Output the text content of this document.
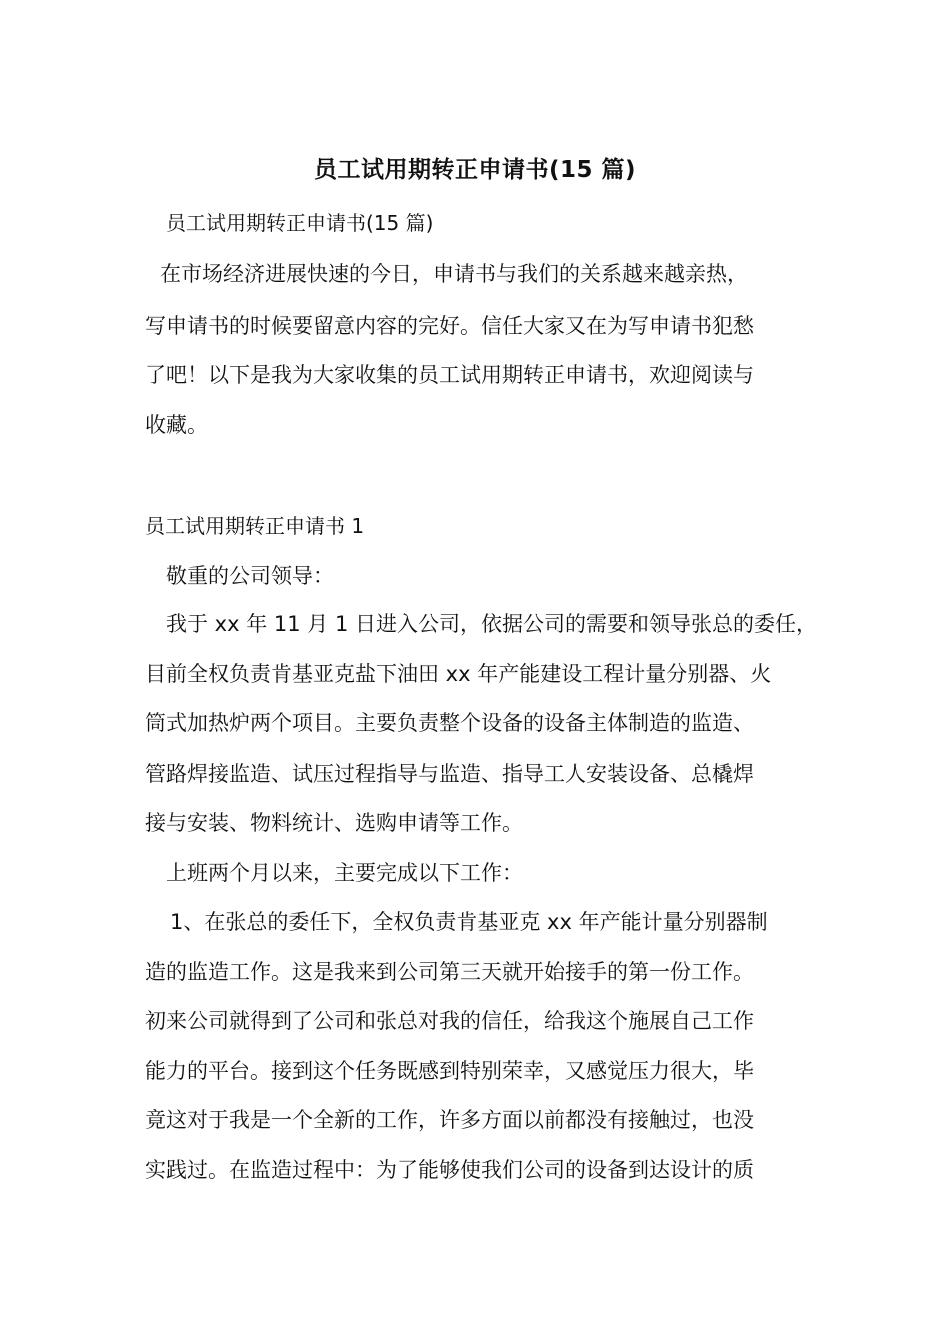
员工试用期转正申请书(15 篇)
员工试用期转正申请书(15 篇)
在市场经济进展快速的今日，申请书与我们的关系越来越亲热，
写申请书的时候要留意内容的完好。信任大家又在为写申请书犯愁
了吧！以下是我为大家收集的员工试用期转正申请书，欢迎阅读与
收藏。
员工试用期转正申请书 1
敬重的公司领导：
我于 xx 年 11 月 1 日进入公司，依据公司的需要和领导张总的委任，
目前全权负责肯基亚克盐下油田 xx 年产能建设工程计量分别器、火
筒式加热炉两个项目。主要负责整个设备的设备主体制造的监造、
管路焊接监造、试压过程指导与监造、指导工人安装设备、总橇焊
接与安装、物料统计、选购申请等工作。
上班两个月以来，主要完成以下工作：
1、在张总的委任下，全权负责肯基亚克 xx 年产能计量分别器制
造的监造工作。这是我来到公司第三天就开始接手的第一份工作。
初来公司就得到了公司和张总对我的信任，给我这个施展自己工作
能力的平台。接到这个任务既感到特别荣幸，又感觉压力很大，毕
竟这对于我是一个全新的工作，许多方面以前都没有接触过，也没
实践过。在监造过程中：为了能够使我们公司的设备到达设计的质
